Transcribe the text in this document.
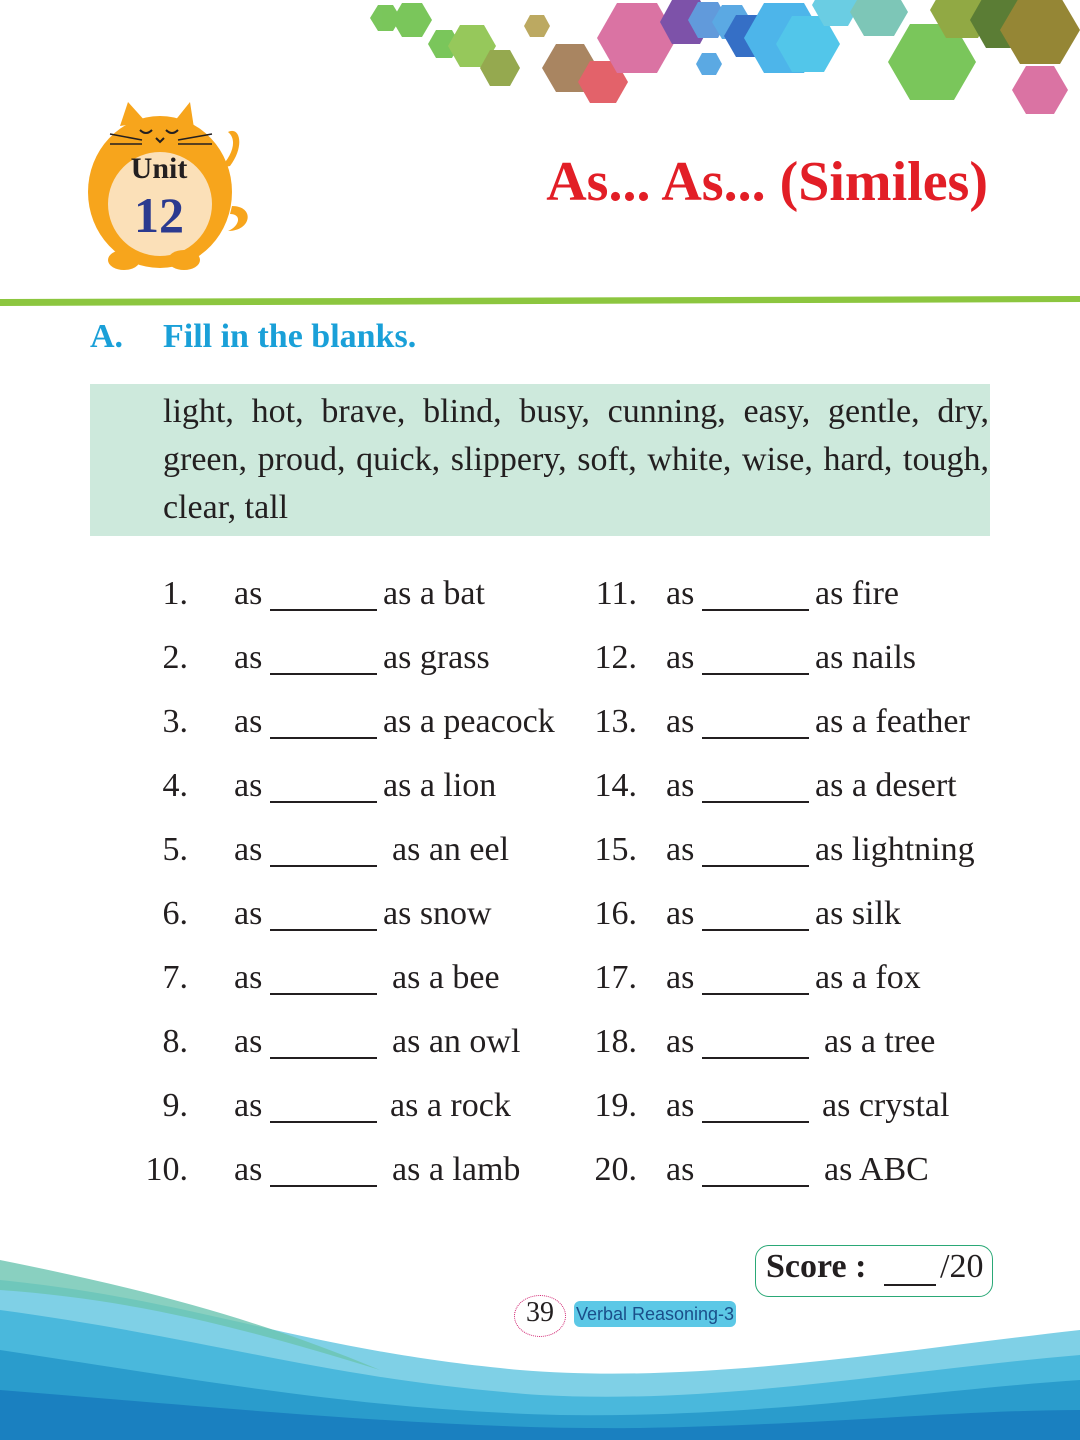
Unit
12
As... As... (Similes)
A. Fill in the blanks.
light, hot, brave, blind, busy, cunning, easy, gentle, dry, green, proud, quick, slippery, soft, white, wise, hard, tough, clear, tall
1. as	as a bat
2. as	as grass
3. as	as a peacock
4. as	as a lion
5. as	as an eel
6. as	as snow
7. as	as a bee
8. as	as an owl
9. as	as a rock
10. as	as a lamb
11. as	as fire
12. as	as nails
13. as	as a feather
14. as	as a desert
15. as	as lightning
16. as	as silk
17. as	as a fox
18. as	as a tree
19. as	as crystal
20. as	as ABC
Score : /20
39	Verbal Reasoning-3
